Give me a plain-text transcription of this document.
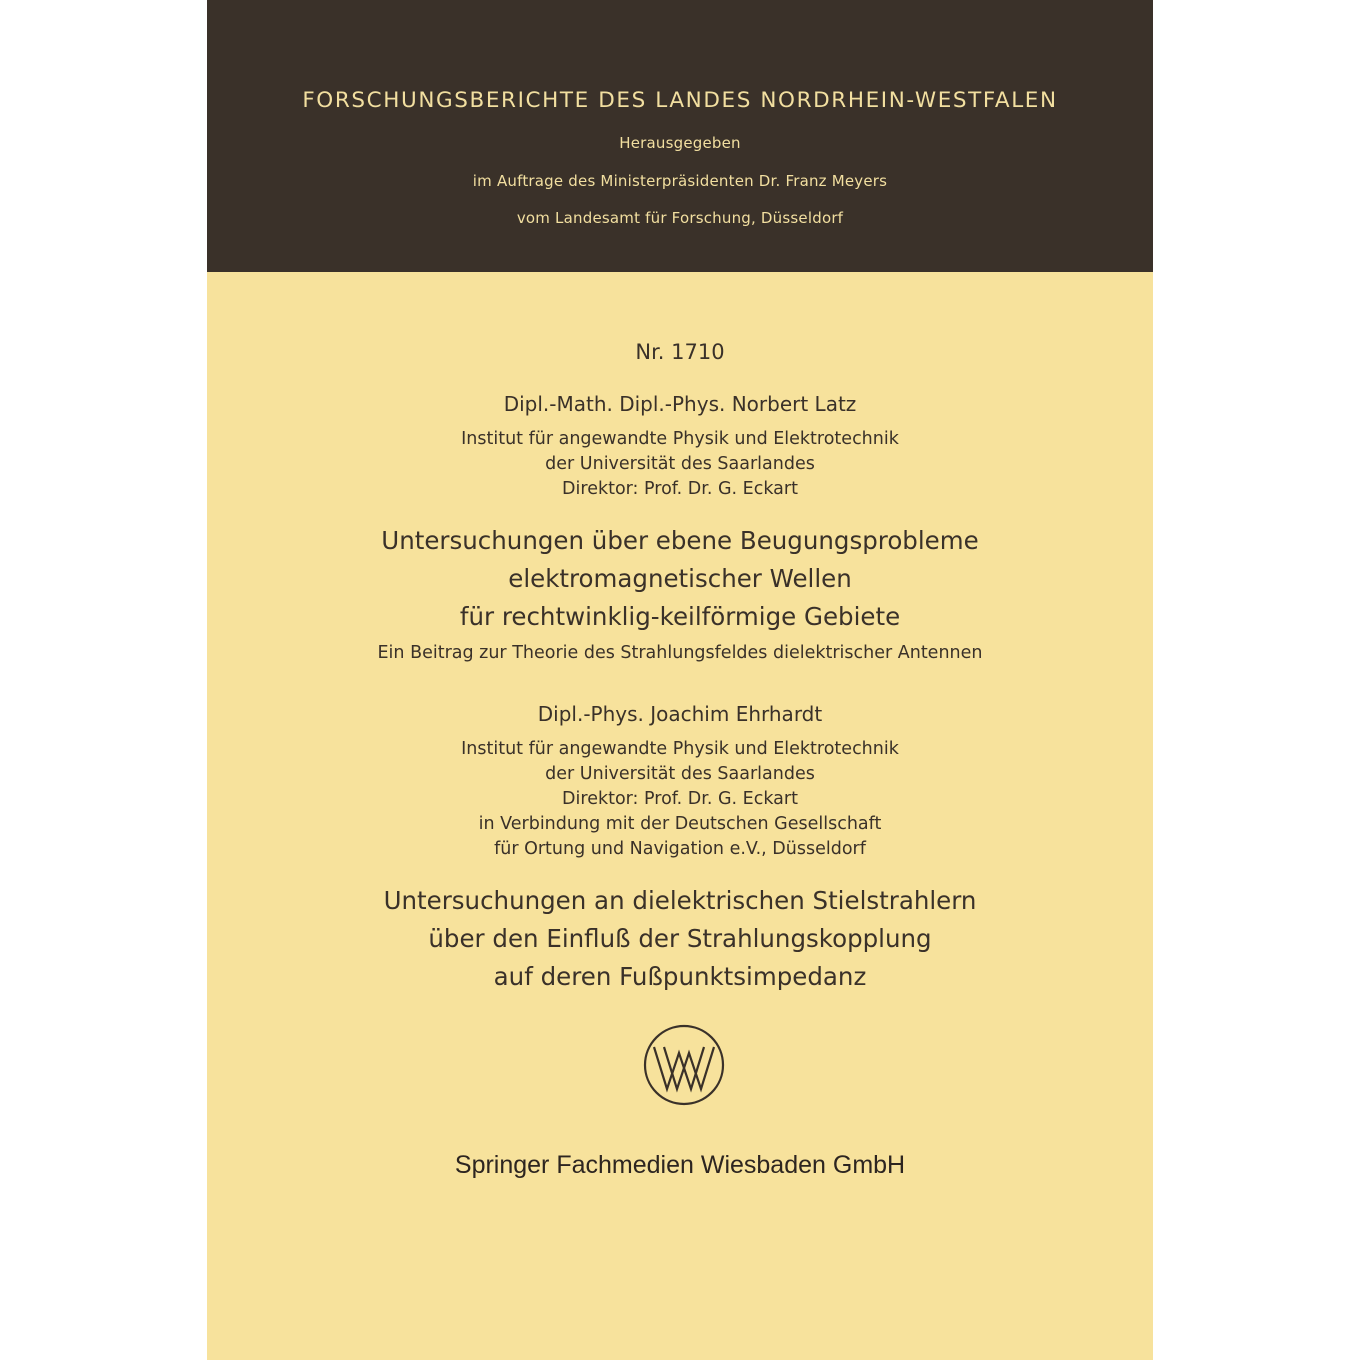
FORSCHUNGSBERICHTE DES LANDES NORDRHEIN-WESTFALEN
Herausgegeben
im Auftrage des Ministerpräsidenten Dr. Franz Meyers
vom Landesamt für Forschung, Düsseldorf
Nr. 1710
Dipl.-Math. Dipl.-Phys. Norbert Latz
Institut für angewandte Physik und Elektrotechnik
der Universität des Saarlandes
Direktor: Prof. Dr. G. Eckart
Untersuchungen über ebene Beugungsprobleme
elektromagnetischer Wellen
für rechtwinklig-keilförmige Gebiete
Ein Beitrag zur Theorie des Strahlungsfeldes dielektrischer Antennen
Dipl.-Phys. Joachim Ehrhardt
Institut für angewandte Physik und Elektrotechnik
der Universität des Saarlandes
Direktor: Prof. Dr. G. Eckart
in Verbindung mit der Deutschen Gesellschaft
für Ortung und Navigation e.V., Düsseldorf
Untersuchungen an dielektrischen Stielstrahlern
über den Einfluß der Strahlungskopplung
auf deren Fußpunktsimpedanz
Springer Fachmedien Wiesbaden GmbH
